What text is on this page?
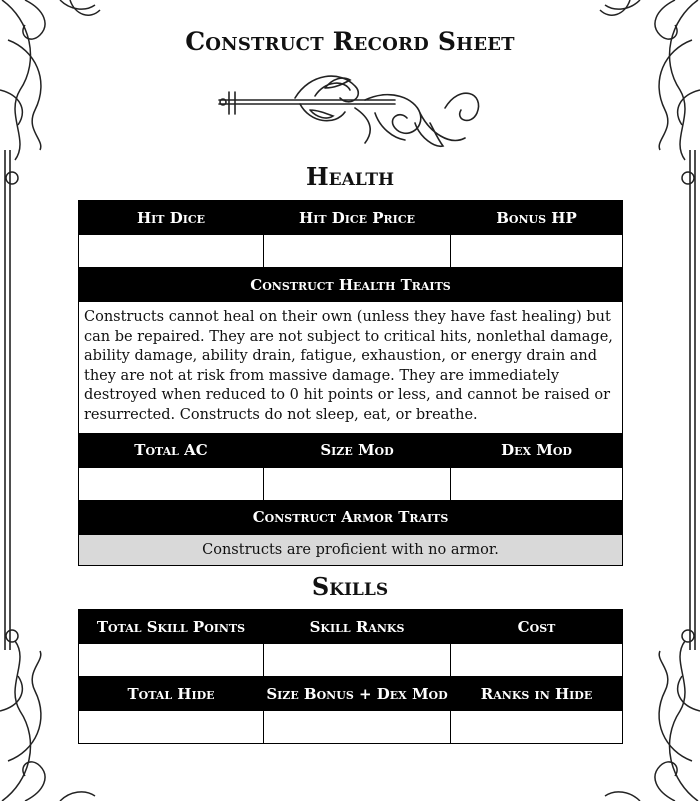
Construct Record Sheet
Health
Hit Dice	Hit Dice Price	Bonus HP

Construct Health Traits		
Constructs cannot heal on their own (unless they have fast healing) but can be repaired. They are not subject to critical hits, nonlethal damage, ability damage, ability drain, fatigue, exhaustion, or energy drain and they are not at risk from massive damage. They are immediately destroyed when reduced to 0 hit points or less, and cannot be raised or resurrected. Constructs do not sleep, eat, or breathe.		
Total AC	Size Mod	Dex Mod

Construct Armor Traits		
Constructs are proficient with no armor.		
Skills
Total Skill Points	Skill Ranks	Cost

Total Hide	Size Bonus + Dex Mod	Ranks in Hide
